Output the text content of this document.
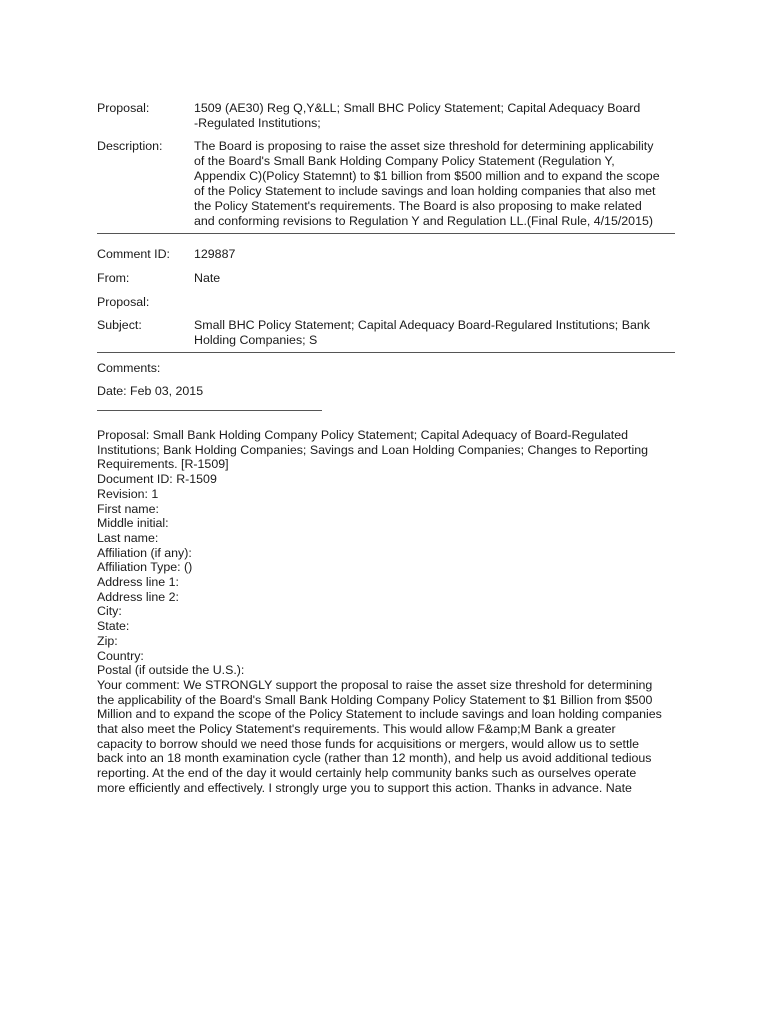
Proposal:	1509 (AE30) Reg Q,Y&LL; Small BHC Policy Statement; Capital Adequacy Board
-Regulated Institutions;
Description:	The Board is proposing to raise the asset size threshold for determining applicability
of the Board's Small Bank Holding Company Policy Statement (Regulation Y,
Appendix C)(Policy Statemnt) to $1 billion from $500 million and to expand the scope
of the Policy Statement to include savings and loan holding companies that also met
the Policy Statement's requirements. The Board is also proposing to make related
and conforming revisions to Regulation Y and Regulation LL.(Final Rule, 4/15/2015)
Comment ID: 129887
From:	Nate
Proposal:
Subject:	Small BHC Policy Statement; Capital Adequacy Board-Regulared Institutions; Bank
Holding Companies; S
Comments:
Date: Feb 03, 2015
Proposal: Small Bank Holding Company Policy Statement; Capital Adequacy of Board-Regulated
Institutions; Bank Holding Companies; Savings and Loan Holding Companies; Changes to Reporting
Requirements. [R-1509]
Document ID: R-1509
Revision: 1
First name:
Middle initial:
Last name:
Affiliation (if any):
Affiliation Type: ()
Address line 1:
Address line 2:
City:
State:
Zip:
Country:
Postal (if outside the U.S.):
Your comment: We STRONGLY support the proposal to raise the asset size threshold for determining
the applicability of the Board's Small Bank Holding Company Policy Statement to $1 Billion from $500
Million and to expand the scope of the Policy Statement to include savings and loan holding companies
that also meet the Policy Statement's requirements. This would allow F&amp;M Bank a greater
capacity to borrow should we need those funds for acquisitions or mergers, would allow us to settle
back into an 18 month examination cycle (rather than 12 month), and help us avoid additional tedious
reporting. At the end of the day it would certainly help community banks such as ourselves operate
more efficiently and effectively. I strongly urge you to support this action. Thanks in advance. Nate
